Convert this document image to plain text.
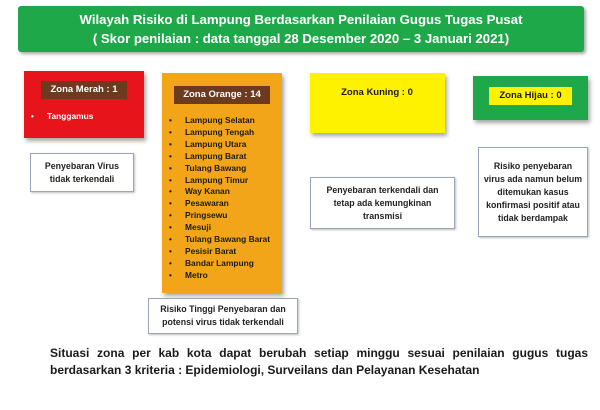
Wilayah Risiko di Lampung Berdasarkan Penilaian Gugus Tugas Pusat
( Skor penilaian : data tanggal 28 Desember 2020 – 3 Januari 2021)
Zona Merah : 1
• Tanggamus
Penyebaran Virus tidak terkendali
Zona Orange : 14
• Lampung Selatan
• Lampung Tengah
• Lampung Utara
• Lampung Barat
• Tulang Bawang
• Lampung Timur
• Way Kanan
• Pesawaran
• Pringsewu
• Mesuji
• Tulang Bawang Barat
• Pesisir Barat
• Bandar Lampung
• Metro
Risiko Tinggi Penyebaran dan potensi virus tidak terkendali
Zona Kuning : 0
Penyebaran terkendali dan tetap ada kemungkinan transmisi
Zona Hijau : 0
Risiko penyebaran virus ada namun belum ditemukan kasus konfirmasi positif atau tidak berdampak
Situasi zona per kab kota dapat berubah setiap minggu sesuai penilaian gugus tugas berdasarkan 3 kriteria : Epidemiologi, Surveilans dan Pelayanan Kesehatan
